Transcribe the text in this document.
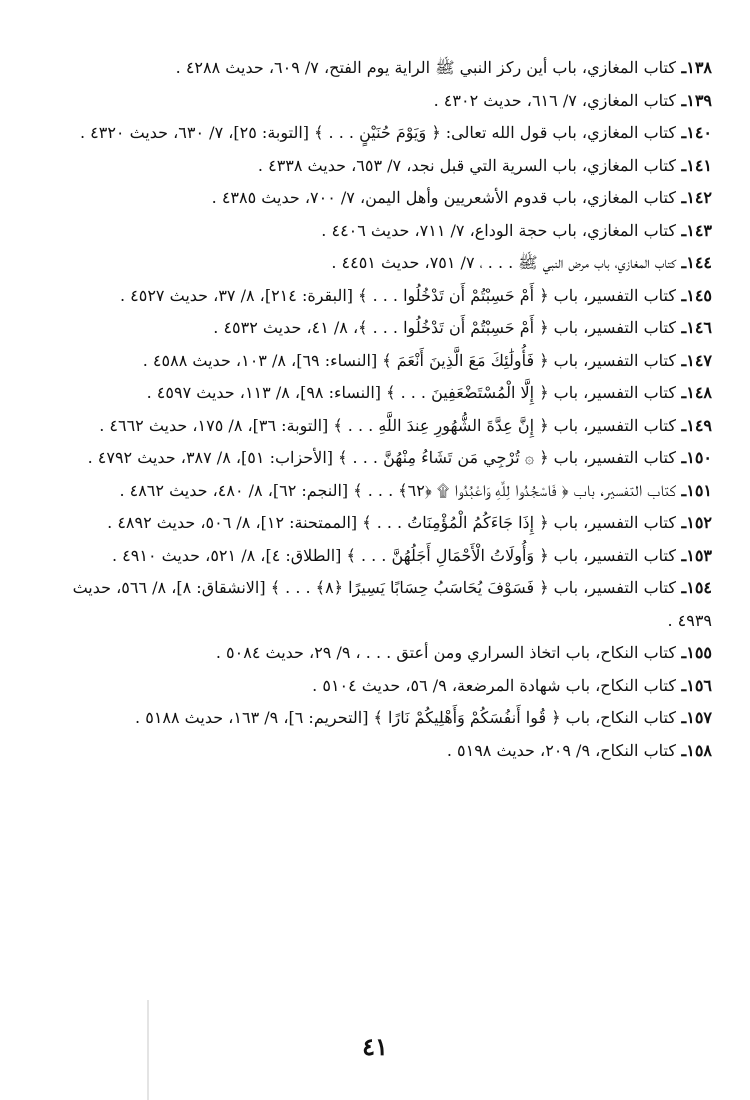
١٣٨ـ كتاب المغازي، باب أين ركز النبي ﷺ الراية يوم الفتح، ٧/ ٦٠٩، حديث ٤٢٨٨ .
١٣٩ـ كتاب المغازي، ٧/ ٦١٦، حديث ٤٣٠٢ .
١٤٠ـ كتاب المغازي، باب قول الله تعالى: ﴿ وَيَوْمَ حُنَيْنٍ . . . ﴾ [التوبة: ٢٥]، ٧/ ٦٣٠، حديث ٤٣٢٠ .
١٤١ـ كتاب المغازي، باب السرية التي قبل نجد، ٧/ ٦٥٣، حديث ٤٣٣٨ .
١٤٢ـ كتاب المغازي، باب قدوم الأشعريين وأهل اليمن، ٧/ ٧٠٠، حديث ٤٣٨٥ .
١٤٣ـ كتاب المغازي، باب حجة الوداع، ٧/ ٧١١، حديث ٤٤٠٦ .
١٤٤ـ كتاب المغازي، باب مرض النبي ﷺ . . . ، ٧/ ٧٥١، حديث ٤٤٥١ .
١٤٥ـ كتاب التفسير، باب ﴿ أَمْ حَسِبْتُمْ أَن تَدْخُلُوا . . . ﴾ [البقرة: ٢١٤]، ٨/ ٣٧، حديث ٤٥٢٧ .
١٤٦ـ كتاب التفسير، باب ﴿ أَمْ حَسِبْتُمْ أَن تَدْخُلُوا . . . ﴾، ٨/ ٤١، حديث ٤٥٣٢ .
١٤٧ـ كتاب التفسير، باب ﴿ فَأُولَٰئِكَ مَعَ الَّذِينَ أَنْعَمَ ﴾ [النساء: ٦٩]، ٨/ ١٠٣، حديث ٤٥٨٨ .
١٤٨ـ كتاب التفسير، باب ﴿ إِلَّا الْمُسْتَضْعَفِينَ . . . ﴾ [النساء: ٩٨]، ٨/ ١١٣، حديث ٤٥٩٧ .
١٤٩ـ كتاب التفسير، باب ﴿ إِنَّ عِدَّةَ الشُّهُورِ عِندَ اللَّهِ . . . ﴾ [التوبة: ٣٦]، ٨/ ١٧٥، حديث ٤٦٦٢ .
١٥٠ـ كتاب التفسير، باب ﴿ ۞ تُرْجِي مَن تَشَاءُ مِنْهُنَّ . . . ﴾ [الأحزاب: ٥١]، ٨/ ٣٨٧، حديث ٤٧٩٢ .
١٥١ـ كتاب التفسير، باب ﴿ فَاسْجُدُوا لِلَّهِ وَاعْبُدُوا ۩ ﴿٦٢﴾ . . . ﴾ [النجم: ٦٢]، ٨/ ٤٨٠، حديث ٤٨٦٢ .
١٥٢ـ كتاب التفسير، باب ﴿ إِذَا جَاءَكُمُ الْمُؤْمِنَاتُ . . . ﴾ [الممتحنة: ١٢]، ٨/ ٥٠٦، حديث ٤٨٩٢ .
١٥٣ـ كتاب التفسير، باب ﴿ وَأُولَاتُ الْأَحْمَالِ أَجَلُهُنَّ . . . ﴾ [الطلاق: ٤]، ٨/ ٥٢١، حديث ٤٩١٠ .
١٥٤ـ كتاب التفسير، باب ﴿ فَسَوْفَ يُحَاسَبُ حِسَابًا يَسِيرًا ﴿٨﴾ . . . ﴾ [الانشقاق: ٨]، ٨/ ٥٦٦، حديث ٤٩٣٩ .
١٥٥ـ كتاب النكاح، باب اتخاذ السراري ومن أعتق . . . ، ٩/ ٢٩، حديث ٥٠٨٤ .
١٥٦ـ كتاب النكاح، باب شهادة المرضعة، ٩/ ٥٦، حديث ٥١٠٤ .
١٥٧ـ كتاب النكاح، باب ﴿ قُوا أَنفُسَكُمْ وَأَهْلِيكُمْ نَارًا ﴾ [التحريم: ٦]، ٩/ ١٦٣، حديث ٥١٨٨ .
١٥٨ـ كتاب النكاح، ٩/ ٢٠٩، حديث ٥١٩٨ .
٤١
